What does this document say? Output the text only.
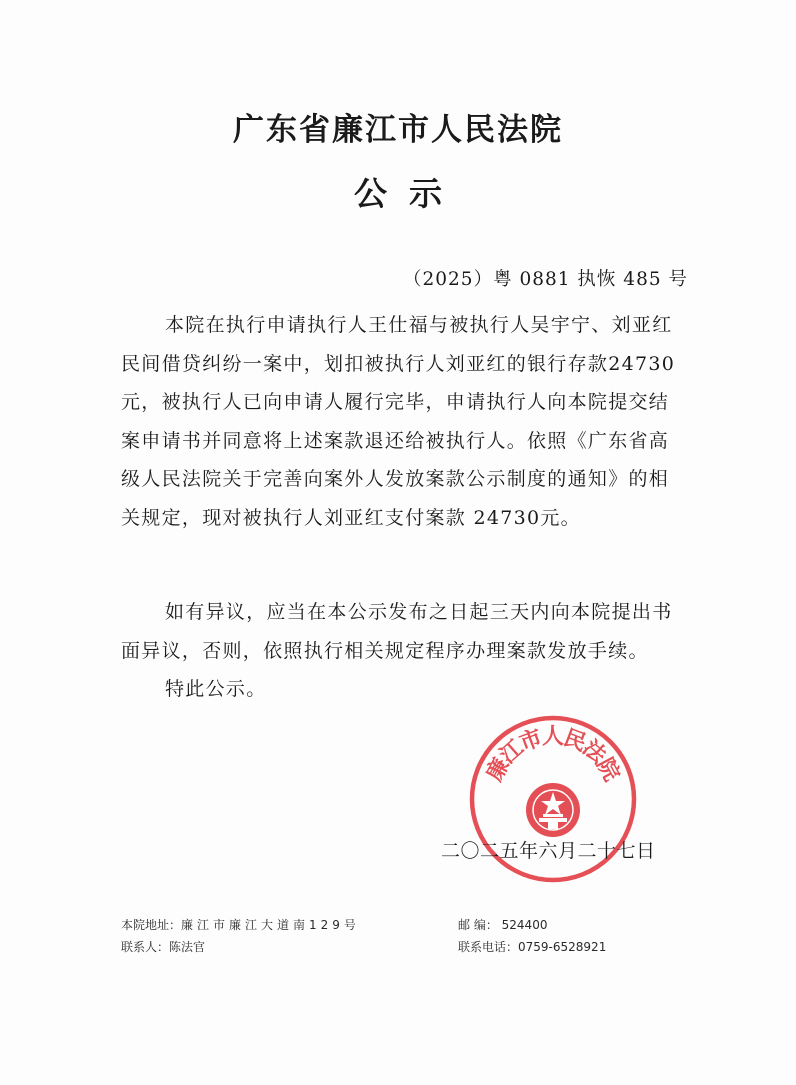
广东省廉江市人民法院
公示
（2025）粤 0881 执恢 485 号

本院在执行申请执行人王仕福与被执行人吴宇宁、刘亚红民间借贷纠纷一案中，划扣被执行人刘亚红的银行存款24730 元，被执行人已向申请人履行完毕，申请执行人向本院提交结案申请书并同意将上述案款退还给被执行人。依照《广东省高级人民法院关于完善向案外人发放案款公示制度的通知》的相关规定，现对被执行人刘亚红支付案款 24730元。

如有异议，应当在本公示发布之日起三天内向本院提出书面异议，否则，依照执行相关规定程序办理案款发放手续。

特此公示。

廉
江
市
人
民
法
院
二〇二五年六月二十七日
本院地址：廉江市廉江大道南129号	邮 编： 524400
联系人：陈法官	联系电话：0759-6528921
